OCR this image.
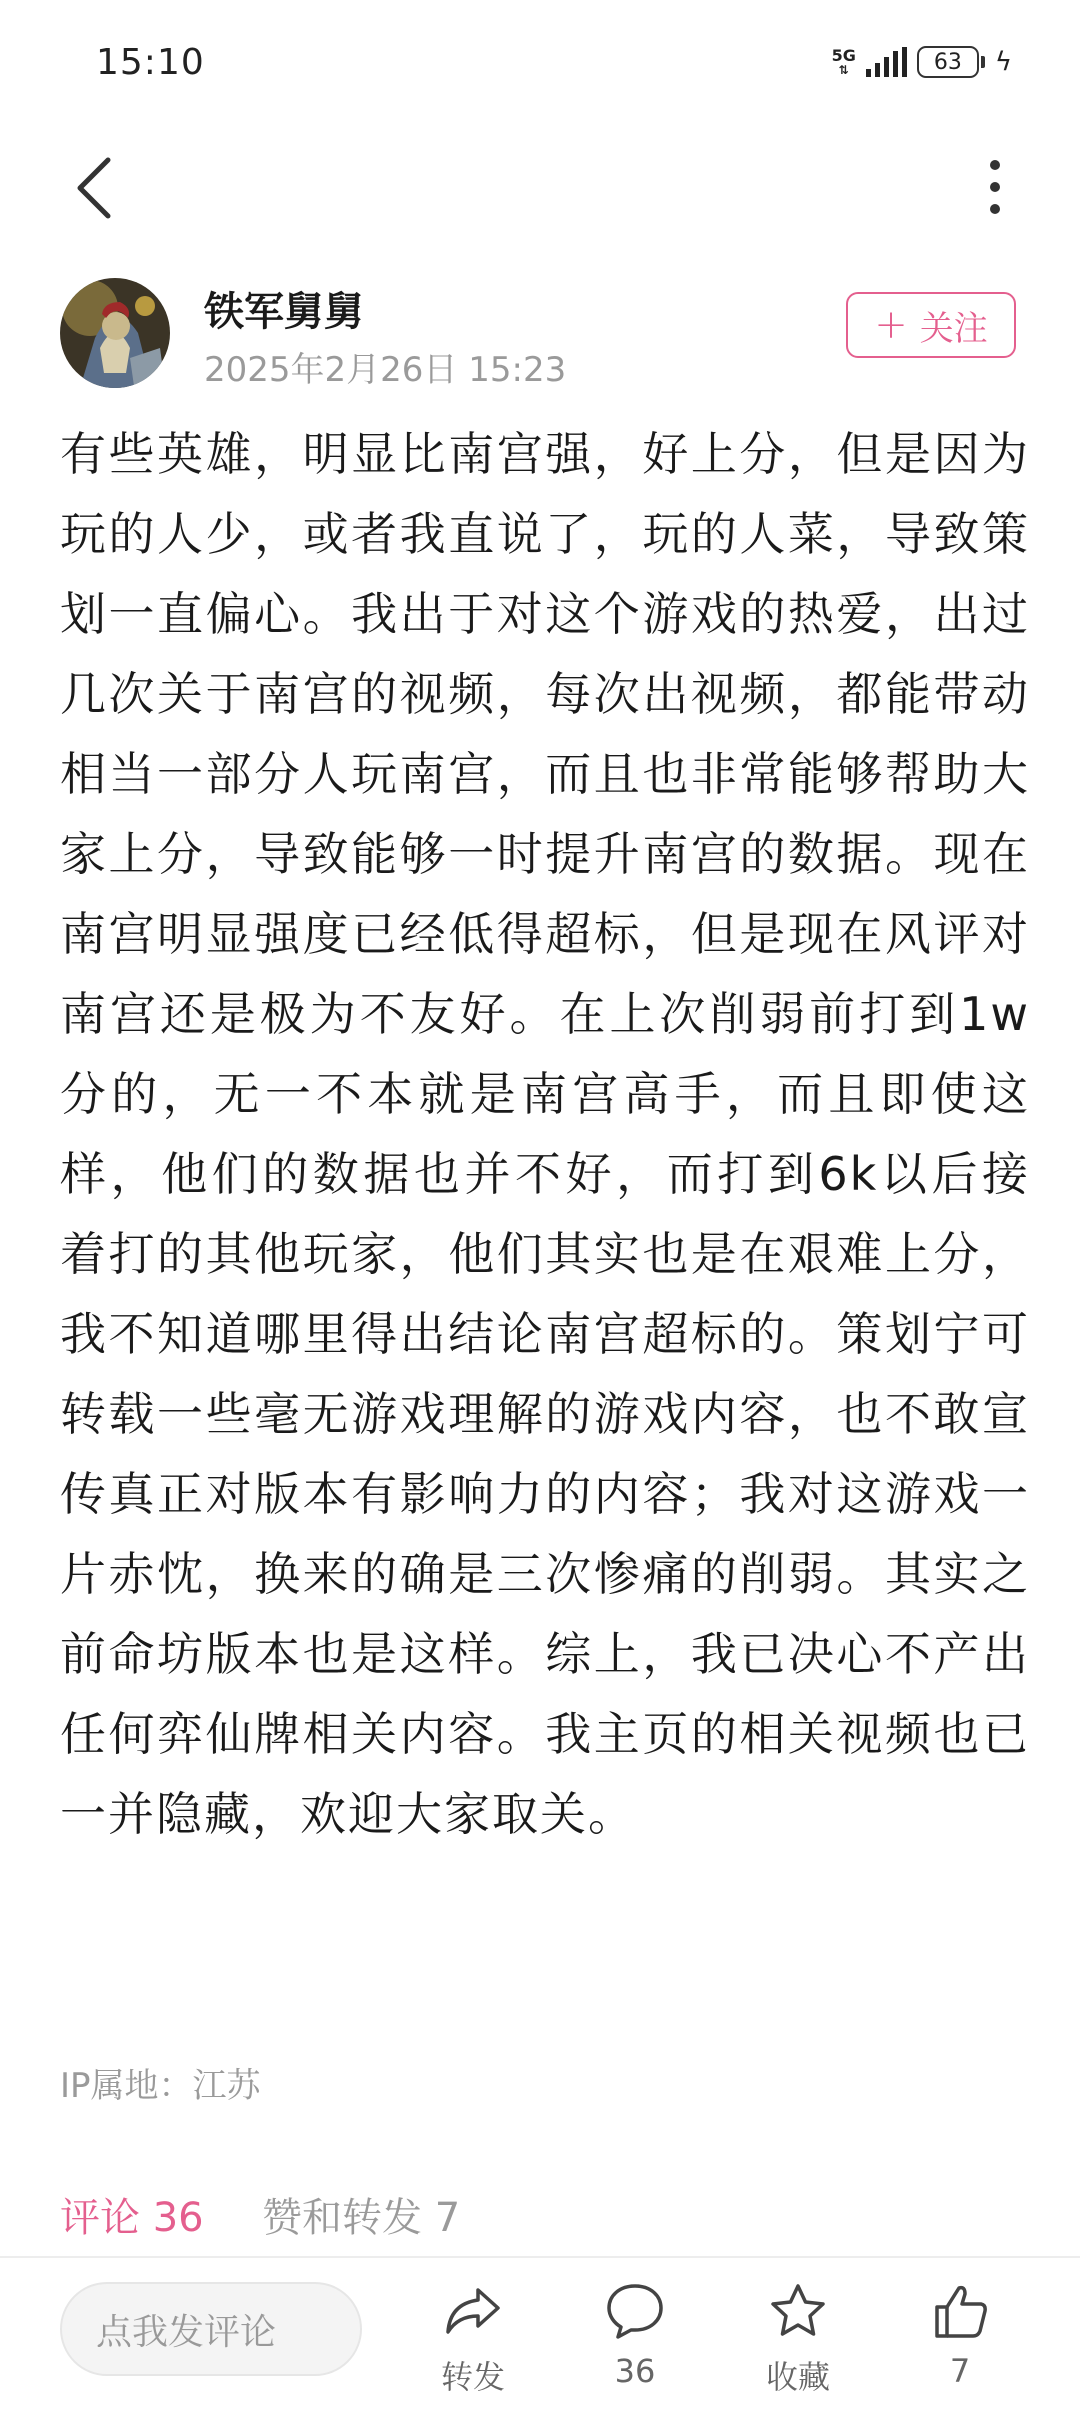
15:10	5G
⇅	63 ϟ
铁军舅舅
2025年2月26日 15:23
+ 关注
有些英雄，明显比南宫强，好上分，但是因为玩的人少，或者我直说了，玩的人菜，导致策划一直偏心。我出于对这个游戏的热爱，出过几次关于南宫的视频，每次出视频，都能带动相当一部分人玩南宫，而且也非常能够帮助大家上分，导致能够一时提升南宫的数据。现在南宫明显强度已经低得超标，但是现在风评对南宫还是极为不友好。在上次削弱前打到1w分的，无一不本就是南宫高手，而且即使这样，他们的数据也并不好，而打到6k以后接着打的其他玩家，他们其实也是在艰难上分，我不知道哪里得出结论南宫超标的。策划宁可转载一些毫无游戏理解的游戏内容，也不敢宣传真正对版本有影响力的内容；我对这游戏一片赤忱，换来的确是三次惨痛的削弱。其实之前命坊版本也是这样。综上，我已决心不产出任何弈仙牌相关内容。我主页的相关视频也已一并隐藏，欢迎大家取关。
IP属地：江苏
评论 36 赞和转发 7
点我发评论
转发	36	收藏	7
